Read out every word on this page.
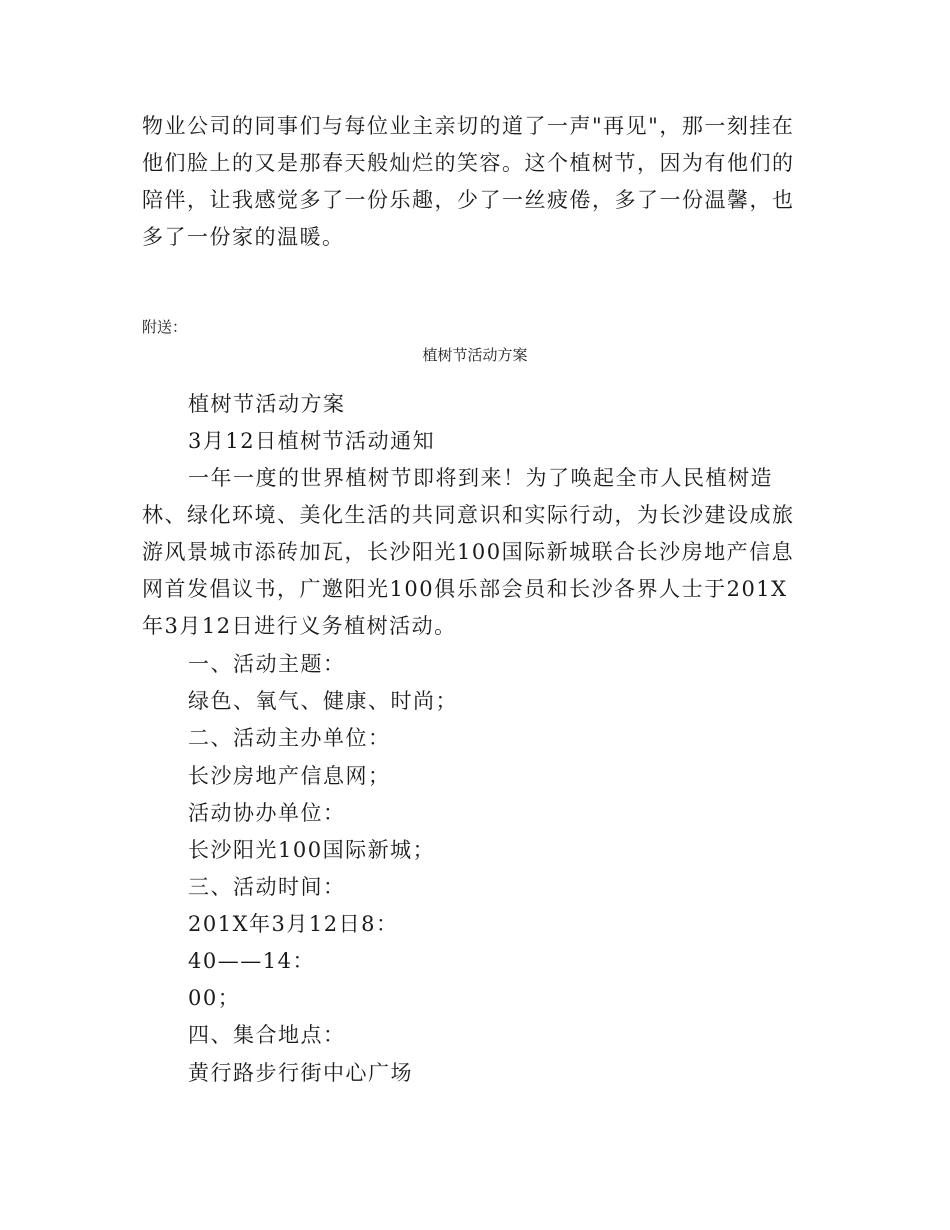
物业公司的同事们与每位业主亲切的道了一声"再见"，那一刻挂在他们脸上的又是那春天般灿烂的笑容。这个植树节，因为有他们的陪伴，让我感觉多了一份乐趣，少了一丝疲倦，多了一份温馨，也多了一份家的温暖。

附送：

植树节活动方案

植树节活动方案

3月12日植树节活动通知

一年一度的世界植树节即将到来！为了唤起全市人民植树造林、绿化环境、美化生活的共同意识和实际行动，为长沙建设成旅游风景城市添砖加瓦，长沙阳光100国际新城联合长沙房地产信息网首发倡议书，广邀阳光100俱乐部会员和长沙各界人士于201X年3月12日进行义务植树活动。

一、活动主题：

绿色、氧气、健康、时尚；

二、活动主办单位：

长沙房地产信息网；

活动协办单位：

长沙阳光100国际新城；

三、活动时间：

201X年3月12日8：

40——14：

00；

四、集合地点：

黄行路步行街中心广场
